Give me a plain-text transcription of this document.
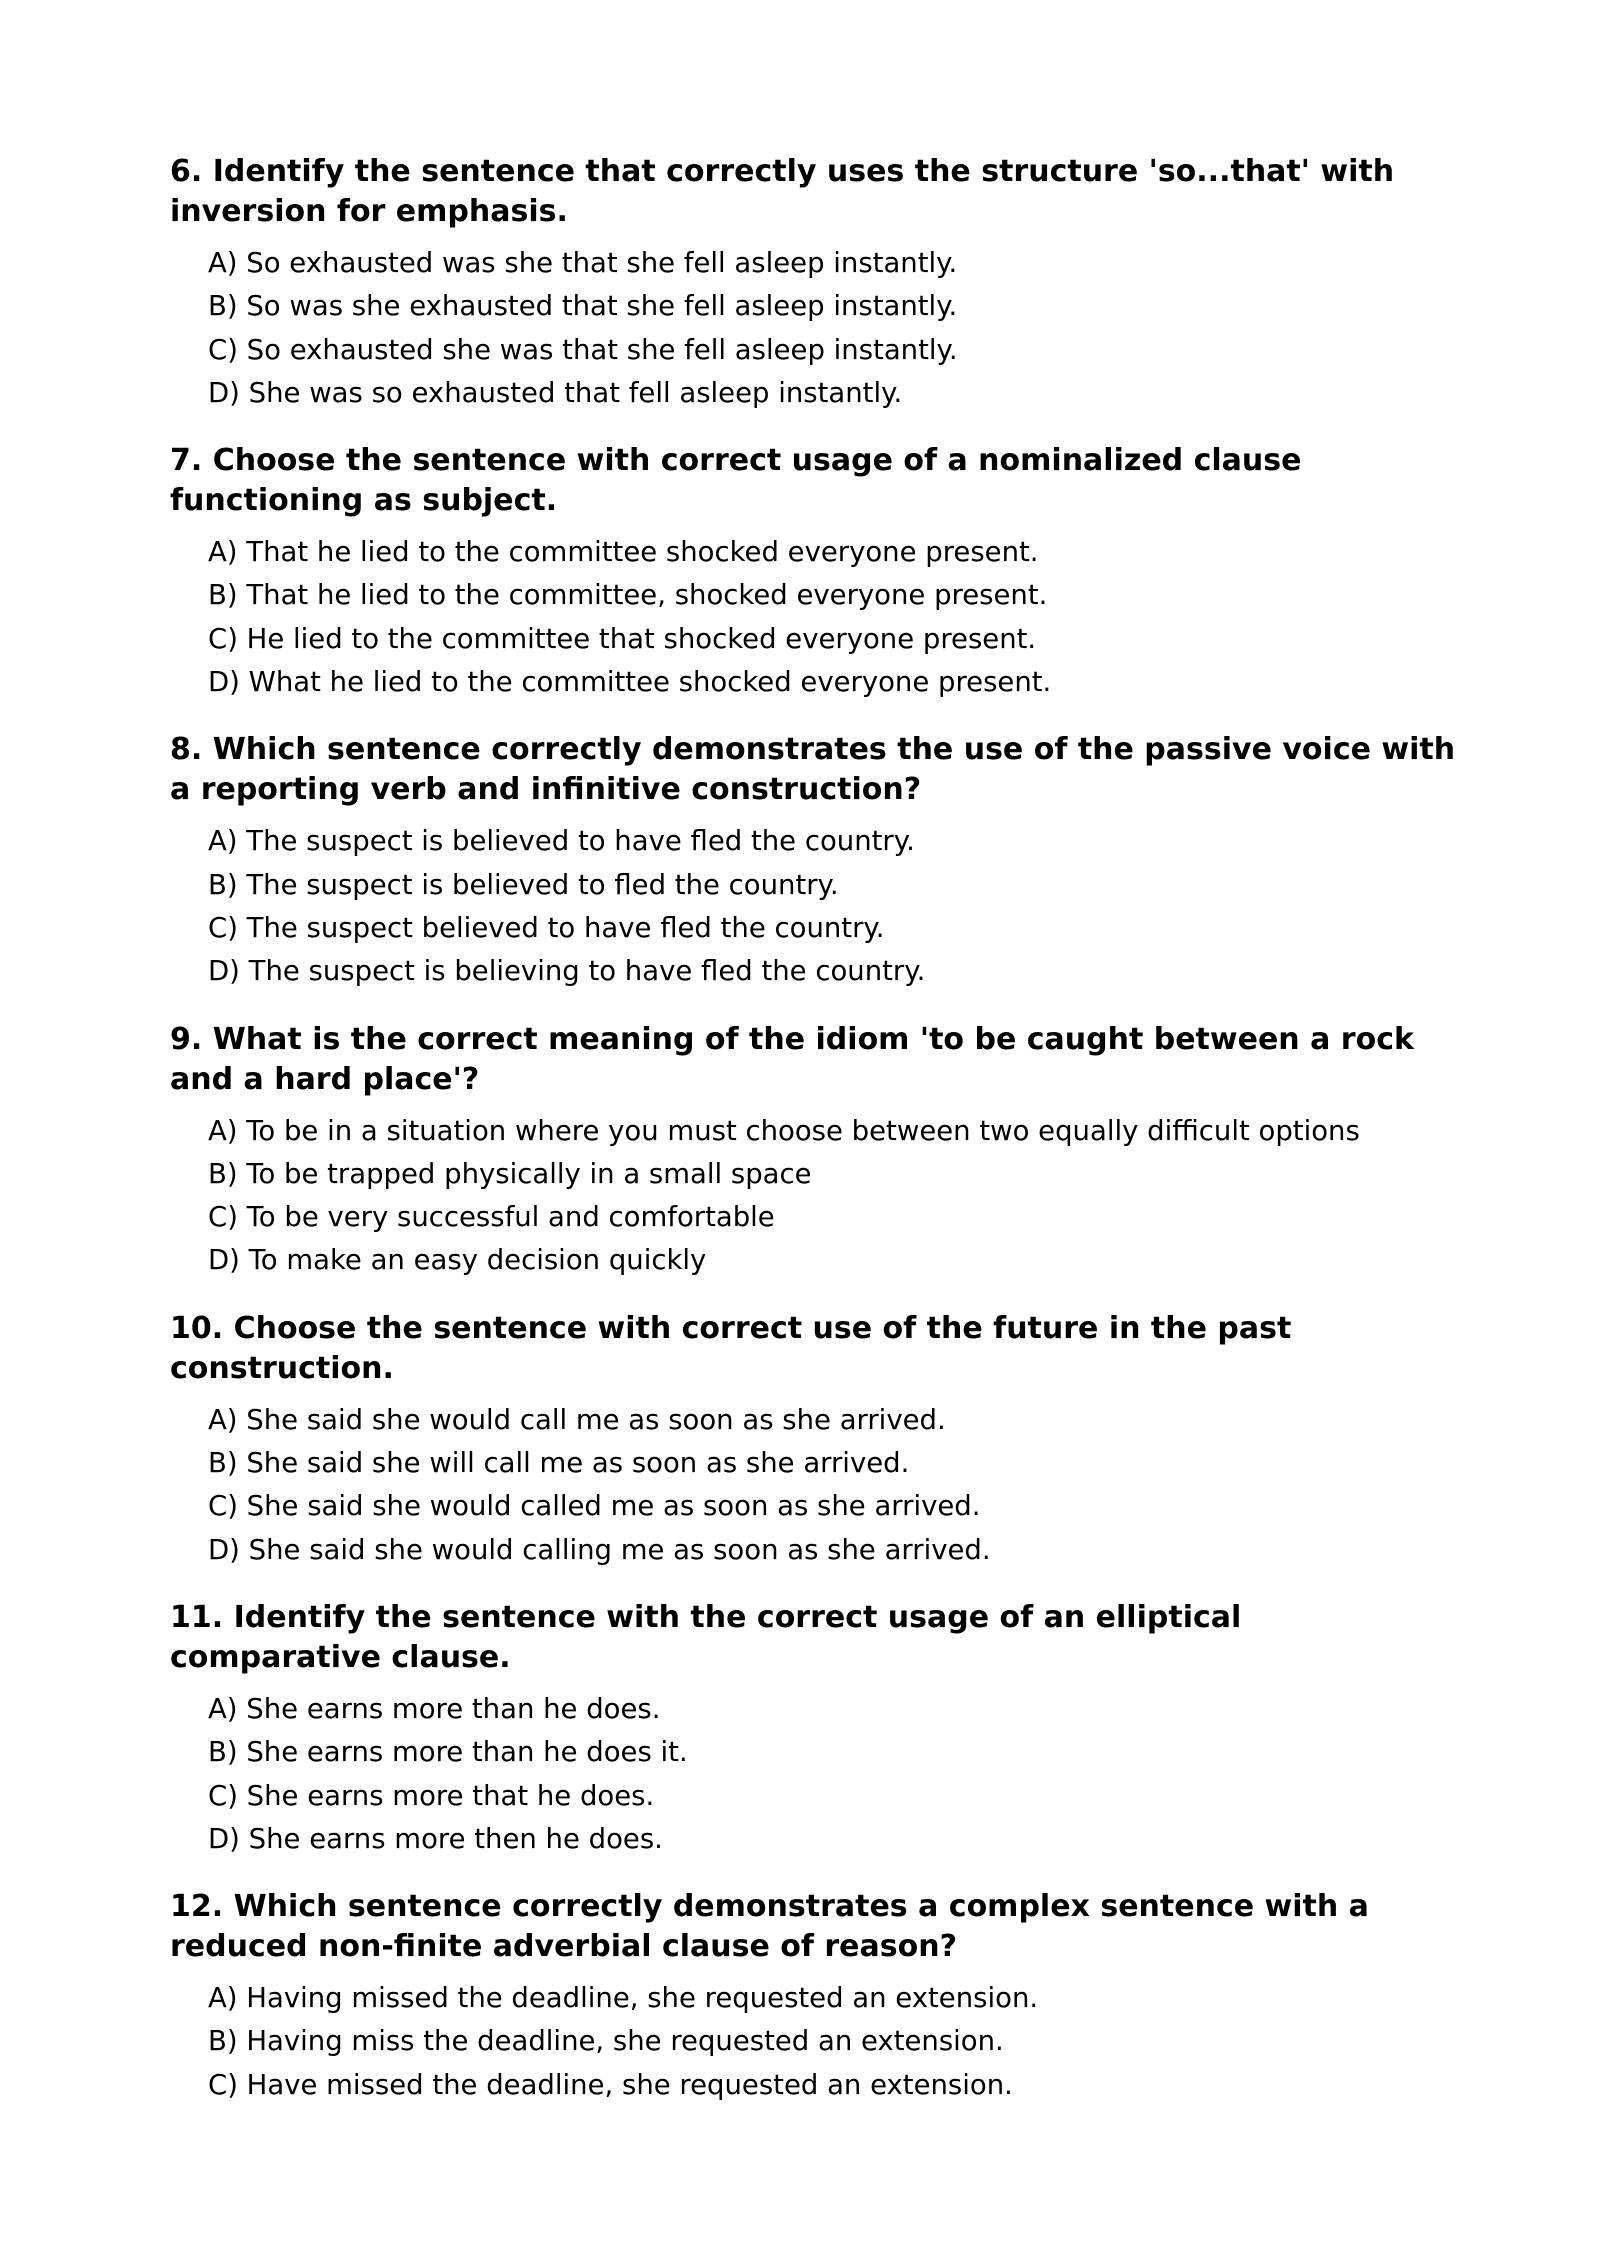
6. Identify the sentence that correctly uses the structure 'so...that' with inversion for emphasis.
A) So exhausted was she that she fell asleep instantly.
B) So was she exhausted that she fell asleep instantly.
C) So exhausted she was that she fell asleep instantly.
D) She was so exhausted that fell asleep instantly.
7. Choose the sentence with correct usage of a nominalized clause functioning as subject.
A) That he lied to the committee shocked everyone present.
B) That he lied to the committee, shocked everyone present.
C) He lied to the committee that shocked everyone present.
D) What he lied to the committee shocked everyone present.
8. Which sentence correctly demonstrates the use of the passive voice with a reporting verb and infinitive construction?
A) The suspect is believed to have fled the country.
B) The suspect is believed to fled the country.
C) The suspect believed to have fled the country.
D) The suspect is believing to have fled the country.
9. What is the correct meaning of the idiom 'to be caught between a rock and a hard place'?
A) To be in a situation where you must choose between two equally difficult options
B) To be trapped physically in a small space
C) To be very successful and comfortable
D) To make an easy decision quickly
10. Choose the sentence with correct use of the future in the past construction.
A) She said she would call me as soon as she arrived.
B) She said she will call me as soon as she arrived.
C) She said she would called me as soon as she arrived.
D) She said she would calling me as soon as she arrived.
11. Identify the sentence with the correct usage of an elliptical comparative clause.
A) She earns more than he does.
B) She earns more than he does it.
C) She earns more that he does.
D) She earns more then he does.
12. Which sentence correctly demonstrates a complex sentence with a reduced non-finite adverbial clause of reason?
A) Having missed the deadline, she requested an extension.
B) Having miss the deadline, she requested an extension.
C) Have missed the deadline, she requested an extension.
